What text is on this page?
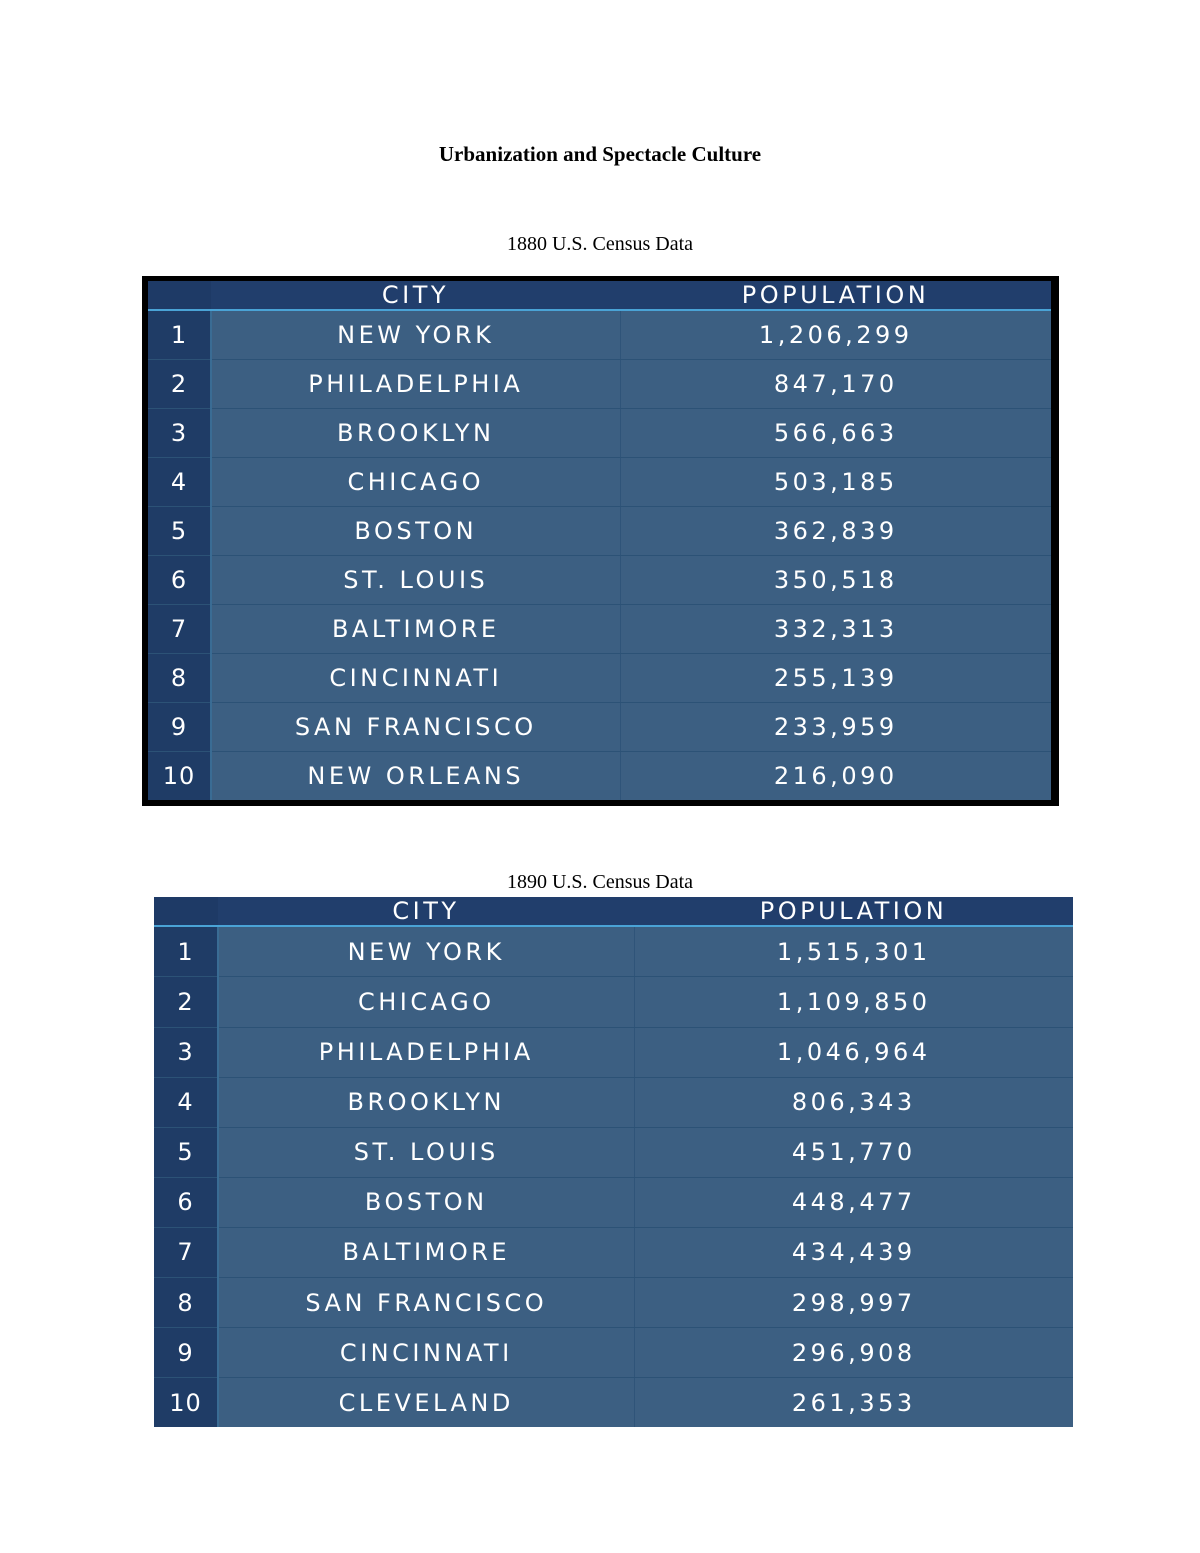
Urbanization and Spectacle Culture
1880 U.S. Census Data
	CITY	POPULATION
1	NEW YORK	1,206,299
2	PHILADELPHIA	847,170
3	BROOKLYN	566,663
4	CHICAGO	503,185
5	BOSTON	362,839
6	ST. LOUIS	350,518
7	BALTIMORE	332,313
8	CINCINNATI	255,139
9	SAN FRANCISCO	233,959
10	NEW ORLEANS	216,090
1890 U.S. Census Data
	CITY	POPULATION
1	NEW YORK	1,515,301
2	CHICAGO	1,109,850
3	PHILADELPHIA	1,046,964
4	BROOKLYN	806,343
5	ST. LOUIS	451,770
6	BOSTON	448,477
7	BALTIMORE	434,439
8	SAN FRANCISCO	298,997
9	CINCINNATI	296,908
10	CLEVELAND	261,353
